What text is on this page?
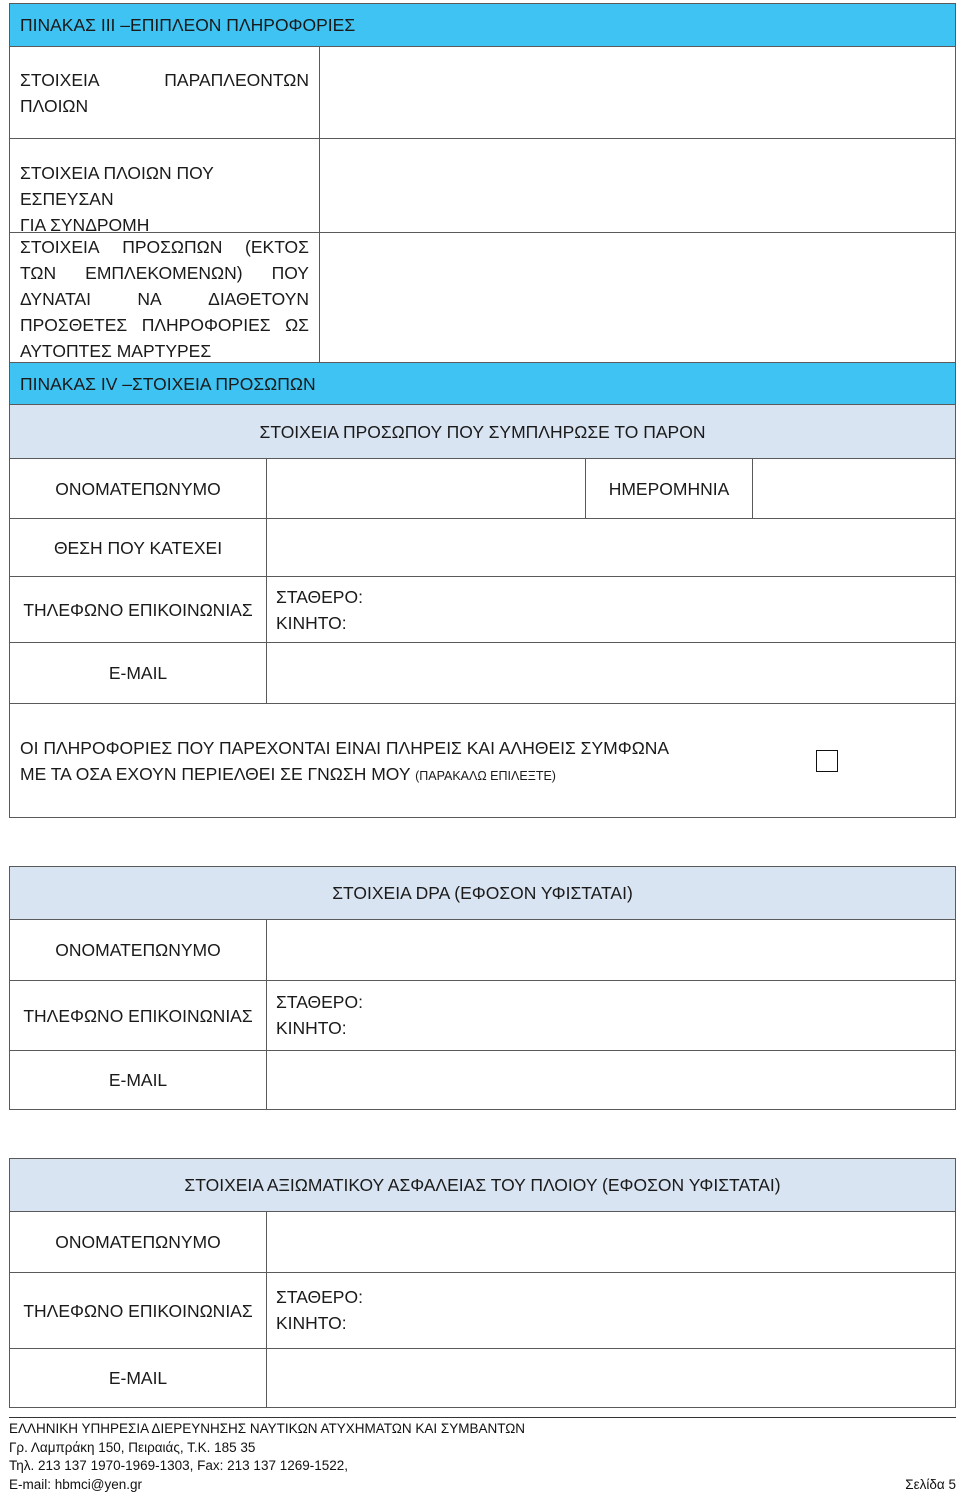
ΠΙΝΑΚΑΣ III –ΕΠΙΠΛΕΟΝ ΠΛΗΡΟΦΟΡΙΕΣ
ΣΤΟΙΧΕΙΑ	ΠΑΡΑΠΛΕΟΝΤΩΝ
ΠΛΟΙΩΝ
ΣΤΟΙΧΕΙΑ ΠΛΟΙΩΝ ΠΟΥ ΕΣΠΕΥΣΑΝ
ΓΙΑ ΣΥΝΔΡΟΜΗ
ΣΤΟΙΧΕΙΑ ΠΡΟΣΩΠΩΝ (ΕΚΤΟΣ
ΤΩΝ ΕΜΠΛΕΚΟΜΕΝΩΝ) ΠΟΥ
ΔΥΝΑΤΑΙ	ΝΑ	ΔΙΑΘΕΤΟΥΝ
ΠΡΟΣΘΕΤΕΣ ΠΛΗΡΟΦΟΡΙΕΣ ΩΣ
ΑΥΤΟΠΤΕΣ ΜΑΡΤΥΡΕΣ
ΠΙΝΑΚΑΣ IV –ΣΤΟΙΧΕΙΑ ΠΡΟΣΩΠΩΝ
ΣΤΟΙΧΕΙΑ ΠΡΟΣΩΠΟΥ ΠΟΥ ΣΥΜΠΛΗΡΩΣΕ ΤΟ ΠΑΡΟΝ
ΟΝΟΜΑΤΕΠΩΝΥΜΟ	ΗΜΕΡΟΜΗΝΙΑ
ΘΕΣΗ ΠΟΥ ΚΑΤΕΧΕΙ
ΤΗΛΕΦΩΝΟ ΕΠΙΚΟΙΝΩΝΙΑΣ
ΣΤΑΘΕΡΟ:
ΚΙΝΗΤΟ:
E-MAIL
ΟΙ ΠΛΗΡΟΦΟΡΙΕΣ ΠΟΥ ΠΑΡΕΧΟΝΤΑΙ ΕΙΝΑΙ ΠΛΗΡΕΙΣ ΚΑΙ ΑΛΗΘΕΙΣ ΣΥΜΦΩΝΑ
ΜΕ ΤΑ ΟΣΑ ΕΧΟΥΝ ΠΕΡΙΕΛΘΕΙ ΣΕ ΓΝΩΣΗ ΜΟΥ (ΠΑΡΑΚΑΛΩ ΕΠΙΛΕΞΤΕ)
ΣΤΟΙΧΕΙΑ DPA (ΕΦΟΣΟΝ ΥΦΙΣΤΑΤΑΙ)
ΟΝΟΜΑΤΕΠΩΝΥΜΟ
ΤΗΛΕΦΩΝΟ ΕΠΙΚΟΙΝΩΝΙΑΣ
ΣΤΑΘΕΡΟ:
ΚΙΝΗΤΟ:
E-MAIL
ΣΤΟΙΧΕΙΑ ΑΞΙΩΜΑΤΙΚΟΥ ΑΣΦΑΛΕΙΑΣ ΤΟΥ ΠΛΟΙΟΥ (ΕΦΟΣΟΝ ΥΦΙΣΤΑΤΑΙ)
ΟΝΟΜΑΤΕΠΩΝΥΜΟ
ΤΗΛΕΦΩΝΟ ΕΠΙΚΟΙΝΩΝΙΑΣ
ΣΤΑΘΕΡΟ:
ΚΙΝΗΤΟ:
E-MAIL
ΕΛΛΗΝΙΚΗ ΥΠΗΡΕΣΙΑ ΔΙΕΡΕΥΝΗΣΗΣ ΝΑΥΤΙΚΩΝ ΑΤΥΧΗΜΑΤΩΝ ΚΑΙ ΣΥΜΒΑΝΤΩΝ
Γρ. Λαμπράκη 150, Πειραιάς, Τ.Κ. 185 35
Τηλ. 213 137 1970-1969-1303, Fax: 213 137 1269-1522,
E-mail: hbmci@yen.gr	Σελίδα 5
